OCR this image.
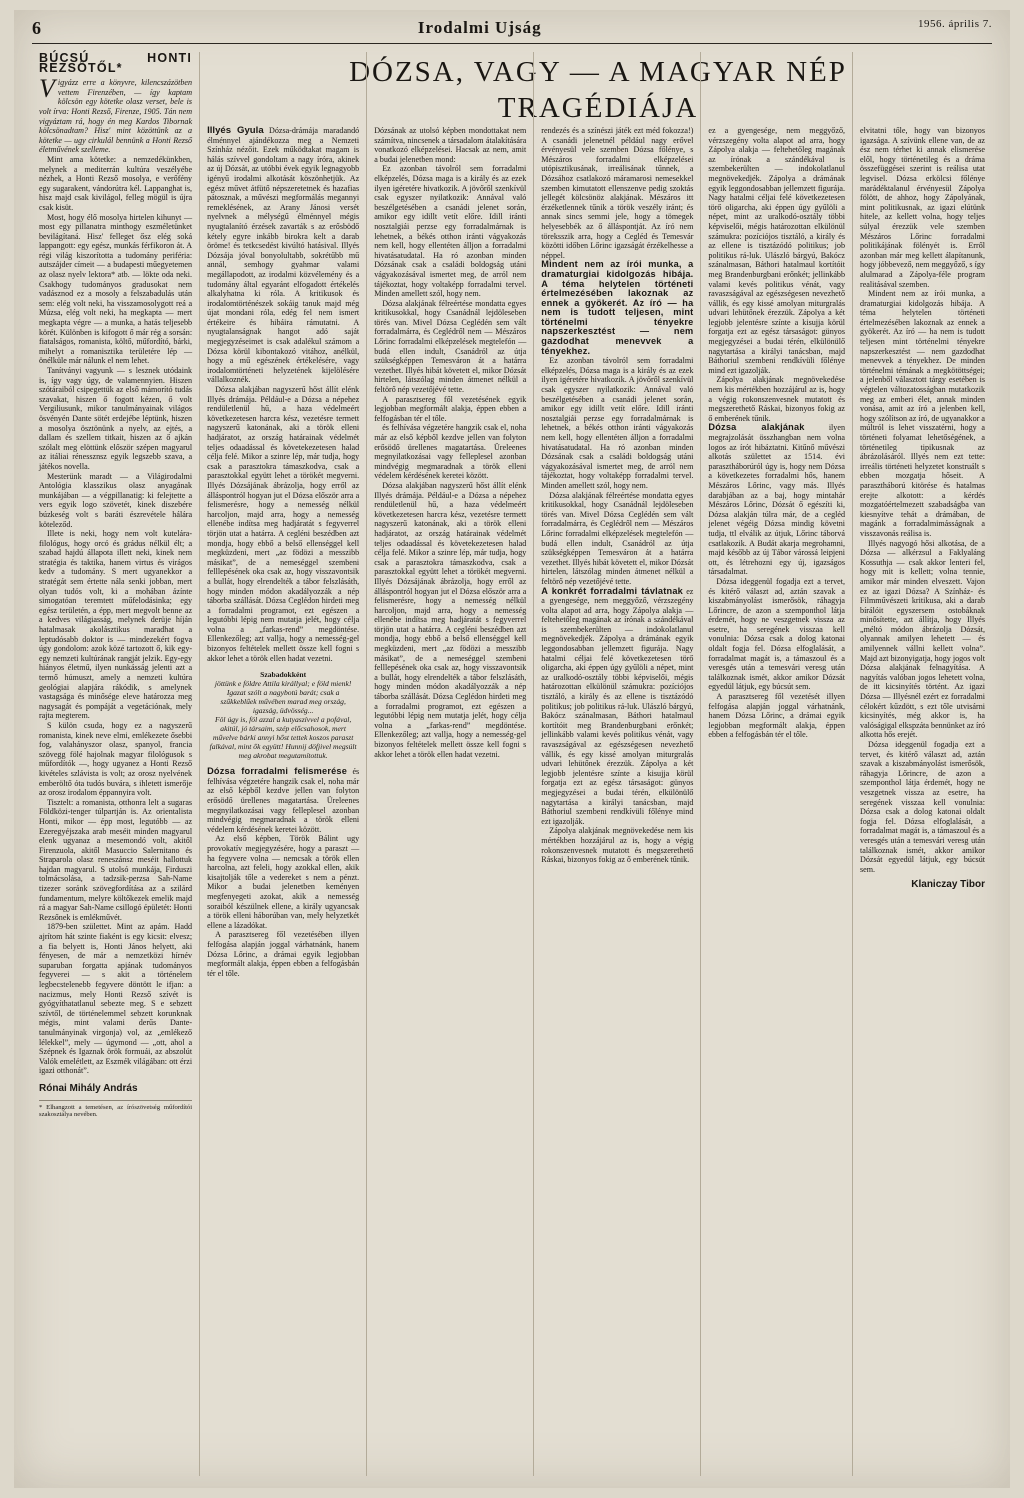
6	Irodalmi Ujság	1956. április 7.
DÓZSA, VAGY — A MAGYAR NÉP
TRAGÉDIÁJA
BÚCSÚ HONTI REZSŐTŐL*

Vigyázz erre a könyvre, kilencszázötben vettem Firenzében, — így kaptam kölcsön egy kötetke olasz verset, bele is volt írva: Honti Rezső, Firenze, 1905. Tán nem vigyáztam rá, hogy én meg Kardos Tibornak kölcsönadtam? Hisz' mint közöttünk az a kötetke — ugy cirkulál bennünk a Honti Rezső életművének szelleme.

Mint ama kötetke: a nemzedékünkben, melynek a mediterrán kultúra veszélyébe nézhek, a Honti Rezső mosolya, e verőfény egy sugarakent, vándorútra kél. Lappanghat is, hisz majd csak kivilágol, felleg mögül is újra csak kisüt.

Most, hogy élő mosolya hirtelen kihunyt — most egy pillanatra minthogy eszméletünket bevilágítaná. Hisz' felleget ősz elég soká lappangott: egy egész, munkás férfikoron át. A régi világ kiszorította a tudomány periféria: autszájder címeit — a budapesti műegyetemen az olasz nyelv lektora* atb. — lökte oda neki. Csakhogy tudományos gradusokat nem vadásznod ez a mosoly a felszabadulás után sem: elég volt neki, ha visszamosolygott reá a Múzsa, elég volt neki, ha megkapta — mert megkapta végre — a munka, a hatás teljesebb körét. Különben is kifogott ő már rég a sorsán: fiatalságos, romanista, költő, műfordító, bárki, mihelyt a romanisztika területére lép — önélküle már nálunk el nem lehet.

Tanítványi vagyunk — s lesznek utódaink is, így vagy úgy, de valamennyien. Hiszen szótáraiból csipegettük az első mámorító tudás szavakat, hiszen ő fogott kézen, ő volt Vergiliusunk, mikor tanulmányainak világos ösvényén Dante sötét erdejébe léptünk, hiszen a mosolya ösztönünk a nyelv, az ejtés, a dallam és szellem titkait, hiszen az ő ajkán szólalt meg elöttünk először szépen magyarul az itáliai rénessznsz egyik legszebb szava, a játékos novella.

Mesterünk maradt — a Világirodalmi Antológia klasszikus olasz anyagának munkájában — a végpillanatig: ki felejtette a vers egyik logo szövetét, kinek diszebére búzkeség volt s baráti észrevétele hálára köteleződ.

Illete is neki, hogy nem volt kutelára-filológus, hogy orcó és grádus nélkül élt; a szabad hajdú állapota illett neki, kinek nem stratégia és taktika, hanem virtus és virágos kedv a tudomány. S mert ugyanekkor a stratégát sem értette nála senki jobban, mert olyan tudós volt, ki a mohában ázínte simogatóan teremtett műfelodásinka; egy egész területén, a épp, mert megvolt benne az a kedves világiasság, melynek derüje híján hatalmasak akolásztikus maradhat a leptudósabb doktor is — mindezekért fogva úgy gondolom: azok közé tartozott ő, kik egy-egy nemzeti kultúrának rangját jelzik. Egy-egy hiányos életmű, ilyen nunkásság jelenti azt a termő húmuszt, amely a nemzeti kultúra geológiai alapjára rákódik, s amelynek vastagsága és minősége eleve határozza meg nagysagát és pompáját a vegetációnak, mely rajta megterem.

S külön csuda, hogy ez a nagyszerű romanista, kinek neve elmi, emlékezete ősebbi fog, valahányszor olasz, spanyol, francia szövegg fölé hajolnak magyar filológusok s műfordítók —, hogy ugyanez a Honti Rezső kivételes szlávista is volt; az orosz nyelvének emberöltő óta tudós buvára, s ihletett ismerője az orosz irodalom éppannyira volt.

Tisztelt: a romanista, otthonra lelt a sugaras Földközi-tenger túlpartján is. Az orientalista Honti, mikor — épp most, legutóbb — az Ezeregyéjszaka arab meséit minden magyarul elenk ugyanaz a mesemondó volt, akitől Firenzuola, akitől Masuccio Salernitano és Straparola olasz reneszánsz meséit hallottuk hajdan magyarul. S utolsó munkája, Firduszi tolmácsolása, a tadzsik-perzsa Sah-Name tizezer soránk szövegfordítása az a szilárd fundamentum, melyre költőkezek emelik majd rá a magyar Sah-Name csillogó épületét: Honti Rezsőnek is emlékművét.

1879-ben születtet. Mint az apám. Hadd ajrítom hát szinte fiaként is egy kicsit: elvesz; a fia belyett is, Honti János helyett, aki fényesen, de már a nemzetközi hírnév suparuban forgatta apjának tudományos fegyverei — s akit a történelem legbecstelenebb fegyvere döntött le ifjan: a nacizmus, mely Honti Rezső szívét is gyógyíthatatlanul sebezte meg. S e sebzett szívtől, de történelemmel sebzett korunknak mégis, mint valami derűs Dante-tanulmányinak virgonja) vol, az „emlékező lélekkel”, mely — úgymond — „ott, ahol a Szépnek és Igaznak örök formuái, az abszolút Valók emelétlett, az Eszmék világában: ott érzi igazi otthonát”.

Rónai Mihály András
* Elhangzott a temetésen, az írószövetség műfordítói szakosztálya nevében.

Illyés Gyula Dózsa-drámája maradandó élménnyel ajándékozza meg a Nemzeti Színház nézőit. Ezek működtakat magam is hálás szívvel gondoltam a nagy íróra, akinek az új Dózsát, az utóbbi évek egyik legnagyobb igényű irodalmi alkotását köszönhetjük. Az egész művet átfütő népszeretetnek és hazafias pátosznak, a művészi megformálás megannyi remeklésének, az Arany Jánosi versét nyelvnek a mélységű élménnyel mégis nyugtalanító érzések zavarták s az erősbödő kétely egyre inkább birokra kelt a darab öröme! és tetkcsedést kivúltó hatásival. Illyés Dózsája jóval bonyolultabb, sokrétűbb mű annál, semhogy gyahmar valami megállapodott, az irodalmi közvélemény és a tudomány által egyaránt elfogadott értékelés alkalyhatna ki róla. A kritikusok és irodalomtörténészek sokáig tanuk majd még újat mondani róla, edég fel nem ismert értékeire és hibáira rámutatni. A nyugtalanságnak hangot adó saját megjegyzéseimet is csak adalékul számom a Dózsa körül kibontakozó vitához, anélkül, hogy a mű egészének értékelésére, vagy irodalomtörténeti helyzetének kijelölésére vállalkoznék.

Dózsa alakjában nagyszerű hőst állít elénk Illyés drámája. Például-e a Dózsa a népehez rendületlenül hű, a haza védelmeért következetesen harcra kész, vezetésre termett nagyszerű katonának, aki a török elleni hadjáratot, az ország határainak védelmét teljes odaadással és követekezetesen halad célja felé. Mikor a szinre lép, már tudja, hogy csak a parasztokra támaszkodva, csak a parasztokkal együtt lehet a törökét megverni. Illyés Dózsájának ábrázolja, hogy erről az álláspontról hogyan jut el Dózsa először arra a felismerésre, hogy a nemesség nélkül harcoljon, majd arra, hogy a nemesség ellenébe indítsa meg hadjáratát s fegyverrel törjön utat a határra. A cegléni beszédben azt mondja, hogy ebbő a belső ellenséggel kell megküzdeni, mert „az födözi a messzibb másikat”, de a nemeséggel szembeni felllepésének oka csak az, hogy visszavontsik a bullát, hogy elrendelték a tábor felszlásáth, hogy minden módon akadályozzák a nép táborba szállását. Dózsa Ceglédon hirdeti meg a forradalmi programot, ezt egészen a legutóbbi lépig nem mutatja jelét, hogy célja volna a „farkas-rend” megdöntése. Ellenkezőleg; azt vallja, hogy a nemesség-gel bizonyos feltételek mellett össze kell fogni s akkor lehet a török ellen hadat vezetni.

Szabadokként
jöttünk e földre Attila királlyal; e föld mienk! Igazat szólt a nagybotú barát; csak a szűkkeblűek művében marad meg ország, igazság, üdvösség...
Föl úgy is, föl azzal a kutyaszívvel a pofával, akitúl, jó társaim, szép előcsahosok, mert művelve bárki annyi hőst tettek koszos paraszt falkával, mint ők együtt! Hunnij döfjivel megsúlt meg akrobat megutamítottuk.

Dózsa forradalmi felismerése és felhívása végzetére hangzik csak el, noha már az első képből kezdve jellen van folyton erősödő ürellenes magatartása. Üreleenes megnyilatkozásai vagy felleplesel azonban mindvégig megmaradnak a török elleni védelem kérdésének keretei között.

Az első képben, Török Bálint ugy provokatív megjegyzésére, hogy a paraszt — ha fegyvere volna — nemcsak a török ellen harcolna, azt feleli, hogy azokkal ellen, akik kisajtolják tőle a vedereket s nem a pénzt. Mikor a budai jelenetben keményen megfenyegeti azokat, akik a nemesség soraiból készülnek ellene, a király ugyancsak a török elleni háborúban van, mely helyzetkét ellene a lázadókat.

A parasztsereg fől vezetésében illyen felfogása alapján joggal várhatnánk, hanem Dózsa Lőrinc, a drámai egyik legjobban megformált alakja, éppen ebben a felfogásbán tér el tőle.

Dózsának az utolsó képben mondottakat nem számítva, nincsenek a társadalom átalakítására vonatkozó elképzelései. Hacsak az nem, amit a budai jelenetben mond:

Ez azonban távolról sem forradalmi elképzelés, Dózsa maga is a király és az ezek ilyen igéretére hivatkozik. A jövőről szenkívül csak egyszer nyilatkozik: Annával való beszélgetésében a csanádi jelenet során, amikor egy idillt vetít előre. Idill iránti nosztalgiái perzse egy forradalmárnak is lehetnek, a békés otthon iránti vágyakozás nem kell, hogy ellentéten álljon a forradalmi hivatásatudatal. Ha ró azonban minden Dózsának csak a családi boldogság utáni vágyakozásával ismertet meg, de arról nem tájékoztat, hogy voltaképp forradalmi tervel. Minden amellett szól, hogy nem.

Dózsa alakjának félreértése mondatta egyes kritikusokkal, hogy Csanádnál lejdöleseben törés van. Mivel Dózsa Ceglédén sem vált forradalmárra, és Ceglédről nem — Mészáros Lőrinc forradalmi elképzelések megtelefón — budá ellen indult, Csanádról az útja szükségképpen Temesváron át a határra vezethet. Illyés hibát követett el, mikor Dózsát hirtelen, látszólag minden átmenet nélkül a feltörő nép vezetőjévé tette.

A parasztsereg fől vezetésének egyik legjobban megformált alakja, éppen ebben a felfogásban tér el tőle.

és felhívása végzetére hangzik csak el, noha már az első képből kezdve jellen van folyton erősödő ürellenes magatartása. Üreleenes megnyilatkozásai vagy felleplesel azonban mindvégig megmaradnak a török elleni védelem kérdésének keretei között.

Dózsa alakjában nagyszerű hőst állít elénk Illyés drámája. Például-e a Dózsa a népehez rendületlenül hű, a haza védelmeért következetesen harcra kész, vezetésre termett nagyszerű katonának, aki a török elleni hadjáratot, az ország határainak védelmét teljes odaadással és követekezetesen halad célja felé. Mikor a szinre lép, már tudja, hogy csak a parasztokra támaszkodva, csak a parasztokkal együtt lehet a törökét megverni. Illyés Dózsájának ábrázolja, hogy erről az álláspontról hogyan jut el Dózsa először arra a felismerésre, hogy a nemesség nélkül harcoljon, majd arra, hogy a nemesség ellenébe indítsa meg hadjáratát s fegyverrel törjön utat a határra. A cegléni beszédben azt mondja, hogy ebbő a belső ellenséggel kell megküzdeni, mert „az födözi a messzibb másikat”, de a nemeséggel szembeni felllepésének oka csak az, hogy visszavontsik a bullát, hogy elrendelték a tábor felszlásáth, hogy minden módon akadályozzák a nép táborba szállását. Dózsa Ceglédon hirdeti meg a forradalmi programot, ezt egészen a legutóbbi lépig nem mutatja jelét, hogy célja volna a „farkas-rend” megdöntése. Ellenkezőleg; azt vallja, hogy a nemesség-gel bizonyos feltételek mellett össze kell fogni s akkor lehet a török ellen hadat vezetni.

rendezés és a színészi játék ezt méd fokozza!) A csanádi jelenetnél például nagy erővel érvényesül vele szemben Dózsa főlénye, s Mészáros forradalmi elképzelései utópisztikusának, irreálisának tűnnek, a Dózsához csatlakozó máramarosi nemesekkel szemben kimutatott ellenszenve pedig szoktás jellegét kölcsönöz alakjának. Mészáros itt érzéketlennek tűnik a török veszély iránt; és annak sincs semmi jele, hogy a tömegek helyesebbék az ő álláspontját. Az író nem töreksszik arra, hogy a Cegléd és Temesvár közötti időben Lőrinc igazságát érzékelhesse a néppel.

Mindent nem az írói munka, a dramaturgiai kidolgozás hibája. A téma helytelen történeti értelmezésében lakoznak az ennek a gyökerét. Az író — ha nem is tudott teljesen, mint történelmi tényekre napszerkesztést — nem gazdodhat menevvek a tényekhez.

Ez azonban távolról sem forradalmi elképzelés, Dózsa maga is a király és az ezek ilyen igéretére hivatkozik. A jövőről szenkívül csak egyszer nyilatkozik: Annával való beszélgetésében a csanádi jelenet során, amikor egy idillt vetít előre. Idill iránti nosztalgiái perzse egy forradalmárnak is lehetnek, a békés otthon iránti vágyakozás nem kell, hogy ellentéten álljon a forradalmi hivatásatudatal. Ha ró azonban minden Dózsának csak a családi boldogság utáni vágyakozásával ismertet meg, de arról nem tájékoztat, hogy voltaképp forradalmi tervel. Minden amellett szól, hogy nem.

Dózsa alakjának félreértése mondatta egyes kritikusokkal, hogy Csanádnál lejdöleseben törés van. Mivel Dózsa Ceglédén sem vált forradalmárra, és Ceglédről nem — Mészáros Lőrinc forradalmi elképzelések megtelefón — budá ellen indult, Csanádról az útja szükségképpen Temesváron át a határra vezethet. Illyés hibát követett el, mikor Dózsát hirtelen, látszólag minden átmenet nélkül a feltörő nép vezetőjévé tette.

A konkrét forradalmi távlatnak ez a gyengesége, nem meggyőző, vérzszegény volta alapot ad arra, hogy Zápolya alakja — feltehetőleg magának az írónak a szándékával is szembekerülten — indokolatlanul megnövekedjék. Zápolya a drámának egyik leggondosabban jellemzett figurája. Nagy hatalmi céljai felé következetesen törő oligarcha, aki éppen úgy gyűlöli a népet, mint az uralkodó-osztály többi képviselői, mégis határozottan elkülönül számukra: pozíciójos tisztáló, a király és az ellene is tisztázódó politikus; job politikus rá-luk. Ulászló bárgyú, Bakócz szánalmasan, Báthori hatalmaul kortítóit meg Brandenburgbani erőnkét; jellinkább valami kevés politikus vénát, vagy ravaszságával az egészségesen nevezhető vállik, és egy kissé amolyan miturgralás udvari lehütőnek érezzük. Zápolya a két legjobb jelentésre színte a kisujja körül forgatja ezt az egész társaságot: günyos megjegyzései a budai térén, elkülönülő nagytartása a királyi tanácsban, majd Báthoriul szembeni rendkívüli főlénye mind ezt igazolják.

Zápolya alakjának megnövekedése nem kis mértékben hozzájárul az is, hogy a végig rokonszenvesnek mutatott és megszerethető Ráskai, bizonyos fokig az ő emberének tűnik.

ez a gyengesége, nem meggyőző, vérzszegény volta alapot ad arra, hogy Zápolya alakja — feltehetőleg magának az írónak a szándékával is szembekerülten — indokolatlanul megnövekedjék. Zápolya a drámának egyik leggondosabban jellemzett figurája. Nagy hatalmi céljai felé következetesen törő oligarcha, aki éppen úgy gyűlöli a népet, mint az uralkodó-osztály többi képviselői, mégis határozottan elkülönül számukra: pozíciójos tisztáló, a király és az ellene is tisztázódó politikus; job politikus rá-luk. Ulászló bárgyú, Bakócz szánalmasan, Báthori hatalmaul kortítóit meg Brandenburgbani erőnkét; jellinkább valami kevés politikus vénát, vagy ravaszságával az egészségesen nevezhető vállik, és egy kissé amolyan miturgralás udvari lehütőnek érezzük. Zápolya a két legjobb jelentésre színte a kisujja körül forgatja ezt az egész társaságot: günyos megjegyzései a budai térén, elkülönülő nagytartása a királyi tanácsban, majd Báthoriul szembeni rendkívüli főlénye mind ezt igazolják.

Zápolya alakjának megnövekedése nem kis mértékben hozzájárul az is, hogy a végig rokonszenvesnek mutatott és megszerethető Ráskai, bizonyos fokig az ő emberének tűnik.

Dózsa alakjának	ilyen megrajzolását összhangban nem volna logos az írót hibáztatni. Kitűnő művészi alkotás születtet az 1514. évi parasztháborúról úgy is, hogy nem Dózsa a következetes forradalmi hős, hanem Mészáros Lőrinc, vagy más. Illyés darabjában az a baj, hogy mintahár Mészáros Lőrinc, Dózsát ő egészíti ki, Dózsa alakján túlra már, de a cegléd jelenet végéig Dózsa mindig követni tudja, ttl elválik az útjuk, Lőrinc táborvá csatlakozik. A Budát akarja megrohamni, majd később az új Tábor várossá leipjeni ott, és létrehozni egy új, igazságos társadalmat.

Dózsa ideggenül fogadja ezt a tervet, és kitérő választ ad, aztán szavak a kiszabmányolást ismerősök, ráhagyja Lőrincre, de azon a szemponthol látja érdemét, hogy ne veszgetnek vissza az esetre, ha seregének visszaa kell vonulnia: Dózsa csak a dolog katonai oldalt fogja fel. Dózsa elfoglalását, a forradalmat magát is, a támaszoul és a veresgés után a temesvári veresg után találkoznak ismét, akkor amikor Dózsát egyedül látjuk, egy búcsút sem.

A parasztsereg fől vezetését illyen felfogása alapján joggal várhatnánk, hanem Dózsa Lőrinc, a drámai egyik legjobban megformált alakja, éppen ebben a felfogásbán tér el tőle.

elvitatni tőle, hogy van bizonyos igazsága. A szívünk ellene van, de az ész nem térhet ki annak elismerése elől, hogy történetileg és a dráma összefüggései szerint is reálisa utat legvisel. Dózsa erkölcsi főlénye marádéktalanul érvényesül Zápolya fölött, de ahhoz, hogy Zápolyának, mint politikusnak, az igazi elútünk hitele, az kellett volna, hogy teljes súlyal érezzük vele szemben Mészáros Lőrinc forradalmi politikájának fölényét is. Erről azonban már meg kellett álapítanunk, hogy jóbbevező, nem meggyőző, s így alulmarad a Zápolya-féle program realitásával szemben.

Mindent nem az írói munka, a dramaturgiai kidolgozás hibája. A téma helytelen történeti értelmezésében lakoznak az ennek a gyökerét. Az író — ha nem is tudott teljesen mint történelmi tényekre napszerkesztést — nem gazdodhat menevvek a tényekhez. De minden történelmi témának a megkötöttségei; a jelenből választott tárgy esetében is végtelen változatosságban mutatkozik meg az emberi élet, annak minden vonása, amit az író a jelenben kell, hogy szólítson az író, de ugyanakkor a múltról is lehet visszatérni, hogy a történeti folyamat lehetőségének, a történetileg tipikusnak az ábrázolásáról. Illyés nem ezt tette: irreális történeti helyzetet konstruált s ebben mozgatja hőseit. A parasztháború kitörése és hatalmas erejte alkotott: a kérdés mozgatóértelmezett szabadságba van kiesnyítve tehát a drámában, de magánk a forradalmimásságnak a visszavonás reálisa is.

Illyés nagyogó hősi alkotása, de a Dózsa — alkérzsul a Faklyaláng Kossuthja — csak akkor lenteri fel, hogy mit is kellett; volna tennie, amikor már minden elveszett. Vajon ez az igazi Dózsa? A Színház- és Filmművészeti kritikusa, aki a darab bírálóit egyszersem ostobáknak minősítette, azt állítja, hogy Illyés „méltó módon ábrázolja Dózsát, olyannak amilyen lehetett — és amilyennek vállni kellett volna”. Majd azt bizonyigatja, hogy jogos volt Dózsa alakjának felnagyítása. A nagyítás valóban jogos lehetett volna, de itt kicsinyítés történt. Az igazi Dózsa — Illyésnél ezért ez forradalmi célokért kűzdött, s ezt tőle utvisárni kicsinyítés, még akkor is, ha valóságigal elkspzáta bennünket az író alkotta hős erejét.

Dózsa ideggenül fogadja ezt a tervet, és kitérő választ ad, aztán szavak a kiszabmányolást ismerősök, ráhagyja Lőrincre, de azon a szemponthol látja érdemét, hogy ne veszgetnek vissza az esetre, ha seregének visszaa kell vonulnia: Dózsa csak a dolog katonai oldalt fogja fel. Dózsa elfoglalását, a forradalmat magát is, a támaszoul és a veresgés után a temesvári veresg után találkoznak ismét, akkor amikor Dózsát egyedül látjuk, egy búcsút sem.

Klaniczay Tibor
